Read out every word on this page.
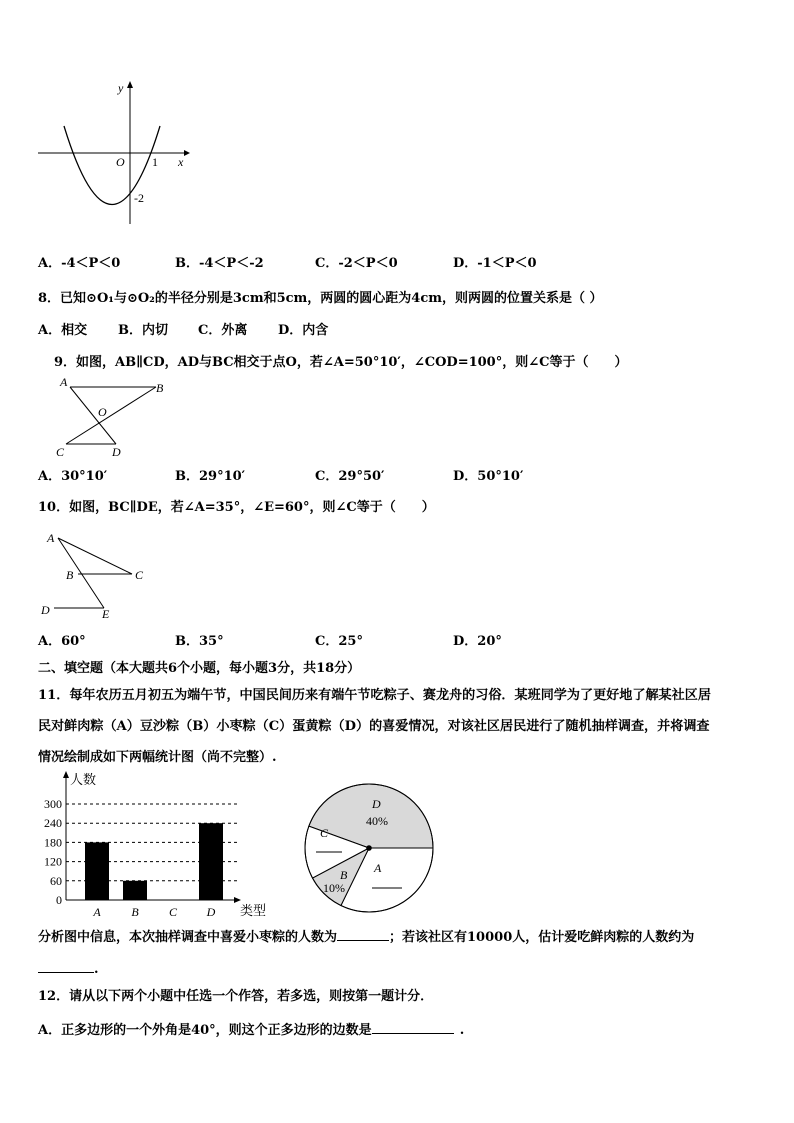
y
x
O 1
-2
A．-4＜P＜0	B．-4＜P＜-2	C．-2＜P＜0	D．-1＜P＜0
8．已知⊙O₁与⊙O₂的半径分别是3cm和5cm，两圆的圆心距为4cm，则两圆的位置关系是（ ）
A．相交 B．内切 C．外离 D．内含
9．如图，AB∥CD，AD与BC相交于点O，若∠A=50°10′，∠COD=100°，则∠C等于（　　）
A	B
O
C	D
A．30°10′	B．29°10′	C．29°50′	D．50°10′
10．如图，BC∥DE，若∠A=35°，∠E=60°，则∠C等于（　　）
A
B	C
D	E
A．60°	B．35°	C．25°	D．20°
二、填空题（本大题共6个小题，每小题3分，共18分）
11．每年农历五月初五为端午节，中国民间历来有端午节吃粽子、赛龙舟的习俗．某班同学为了更好地了解某社区居
民对鲜肉粽（A）豆沙粽（B）小枣粽（C）蛋黄粽（D）的喜爱情况，对该社区居民进行了随机抽样调查，并将调查
情况绘制成如下两幅统计图（尚不完整）.
0
60
120
180
240
300
A	B	C D
人数
类型
D
40%
C
A
B
10%
分析图中信息，本次抽样调查中喜爱小枣粽的人数为	；若该社区有10000人，估计爱吃鲜肉粽的人数约为
.
12．请从以下两个小题中任选一个作答，若多选，则按第一题计分．
A．正多边形的一个外角是40°，则这个正多边形的边数是	.
